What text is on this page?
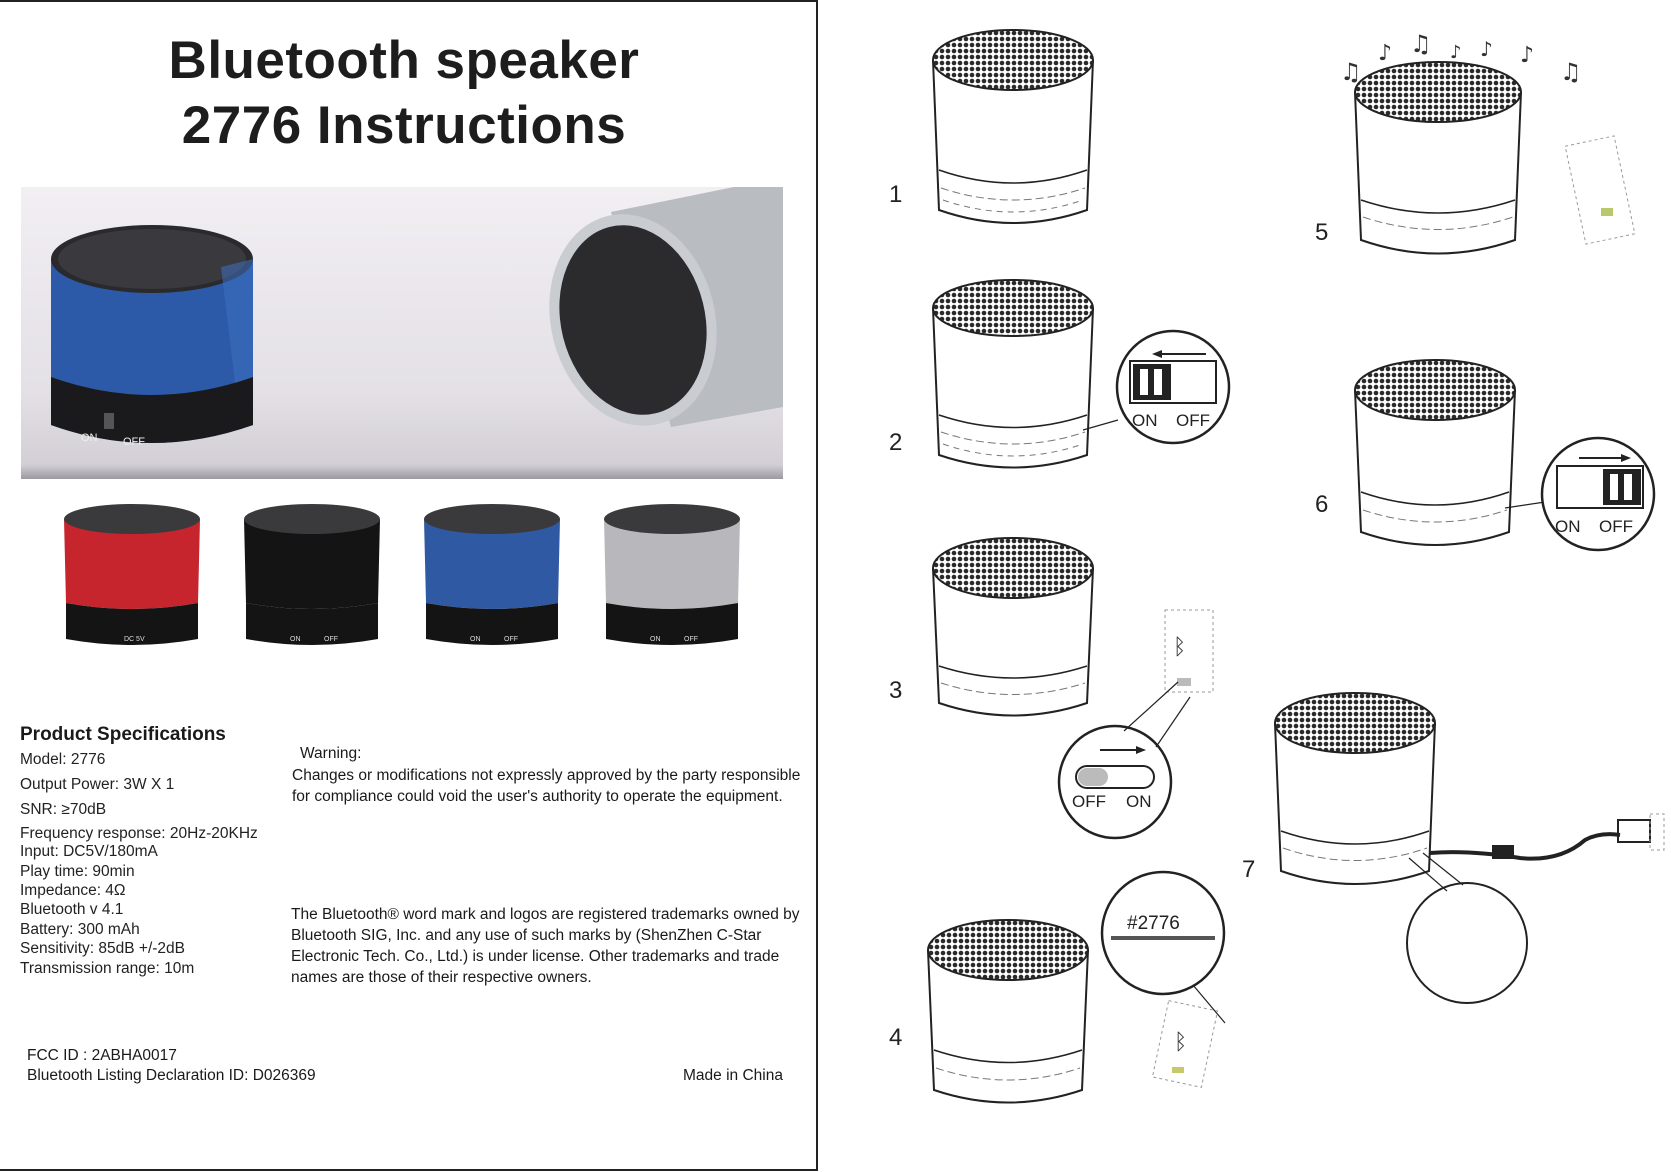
Bluetooth speaker
2776 Instructions
ON OFF
DC 5V	ON	OFF	ON	OFF	ON	OFF
Product Specifications
Model: 2776
Output Power: 3W X 1
SNR: ≥70dB
Frequency response: 20Hz-20KHz
Input: DC5V/180mA
Play time: 90min
Impedance: 4Ω
Bluetooth v 4.1
Battery: 300 mAh
Sensitivity: 85dB +/-2dB
Transmission range: 10m
Warning:
Changes or modifications not expressly approved by the party responsible for compliance could void the user's authority to operate the equipment.
The Bluetooth® word mark and logos are registered trademarks owned by Bluetooth SIG, Inc. and any use of such marks by (ShenZhen C-Star Electronic Tech. Co., Ltd.) is under license. Other trademarks and trade names are those of their respective owners.
FCC ID : 2ABHA0017
Bluetooth Listing Declaration ID: D026369	Made in China
ON OFF
ᛒ
OFF ON
#2776
ᛒ
♫
♪ ♫ ♪ ♪ ♪
♫
ON OFF
1
2
3
4
5
6
7
